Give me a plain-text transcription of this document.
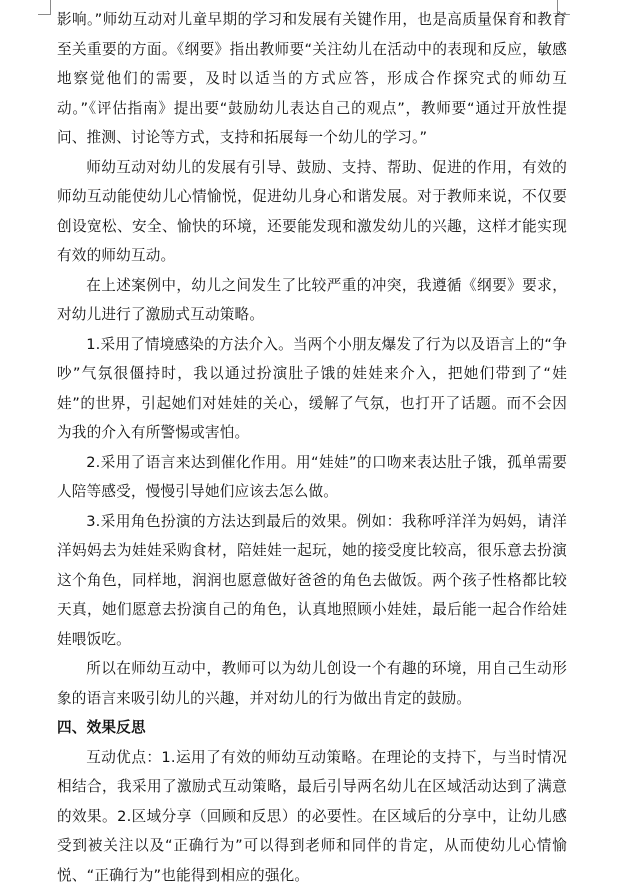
影响。”师幼互动对儿童早期的学习和发展有关键作用，也是高质量保育和教育至关重要的方面。《纲要》指出教师要“关注幼儿在活动中的表现和反应，敏感地察觉他们的需要，及时以适当的方式应答，形成合作探究式的师幼互动。”《评估指南》提出要“鼓励幼儿表达自己的观点”，教师要“通过开放性提问、推测、讨论等方式，支持和拓展每一个幼儿的学习。”

师幼互动对幼儿的发展有引导、鼓励、支持、帮助、促进的作用，有效的师幼互动能使幼儿心情愉悦，促进幼儿身心和谐发展。对于教师来说，不仅要创设宽松、安全、愉快的环境，还要能发现和激发幼儿的兴趣，这样才能实现有效的师幼互动。

在上述案例中，幼儿之间发生了比较严重的冲突，我遵循《纲要》要求，对幼儿进行了激励式互动策略。

1.采用了情境感染的方法介入。当两个小朋友爆发了行为以及语言上的“争吵”气氛很僵持时，我以通过扮演肚子饿的娃娃来介入，把她们带到了“娃娃”的世界，引起她们对娃娃的关心，缓解了气氛，也打开了话题。而不会因为我的介入有所警惕或害怕。

2.采用了语言来达到催化作用。用“娃娃”的口吻来表达肚子饿，孤单需要人陪等感受，慢慢引导她们应该去怎么做。

3.采用角色扮演的方法达到最后的效果。例如：我称呼洋洋为妈妈，请洋洋妈妈去为娃娃采购食材，陪娃娃一起玩，她的接受度比较高，很乐意去扮演这个角色，同样地，润润也愿意做好爸爸的角色去做饭。两个孩子性格都比较天真，她们愿意去扮演自己的角色，认真地照顾小娃娃，最后能一起合作给娃娃喂饭吃。

所以在师幼互动中，教师可以为幼儿创设一个有趣的环境，用自己生动形象的语言来吸引幼儿的兴趣，并对幼儿的行为做出肯定的鼓励。

四、效果反思

互动优点：1.运用了有效的师幼互动策略。在理论的支持下，与当时情况相结合，我采用了激励式互动策略，最后引导两名幼儿在区域活动达到了满意的效果。2.区域分享（回顾和反思）的必要性。在区域后的分享中，让幼儿感受到被关注以及“正确行为”可以得到老师和同伴的肯定，从而使幼儿心情愉悦、“正确行为”也能得到相应的强化。
